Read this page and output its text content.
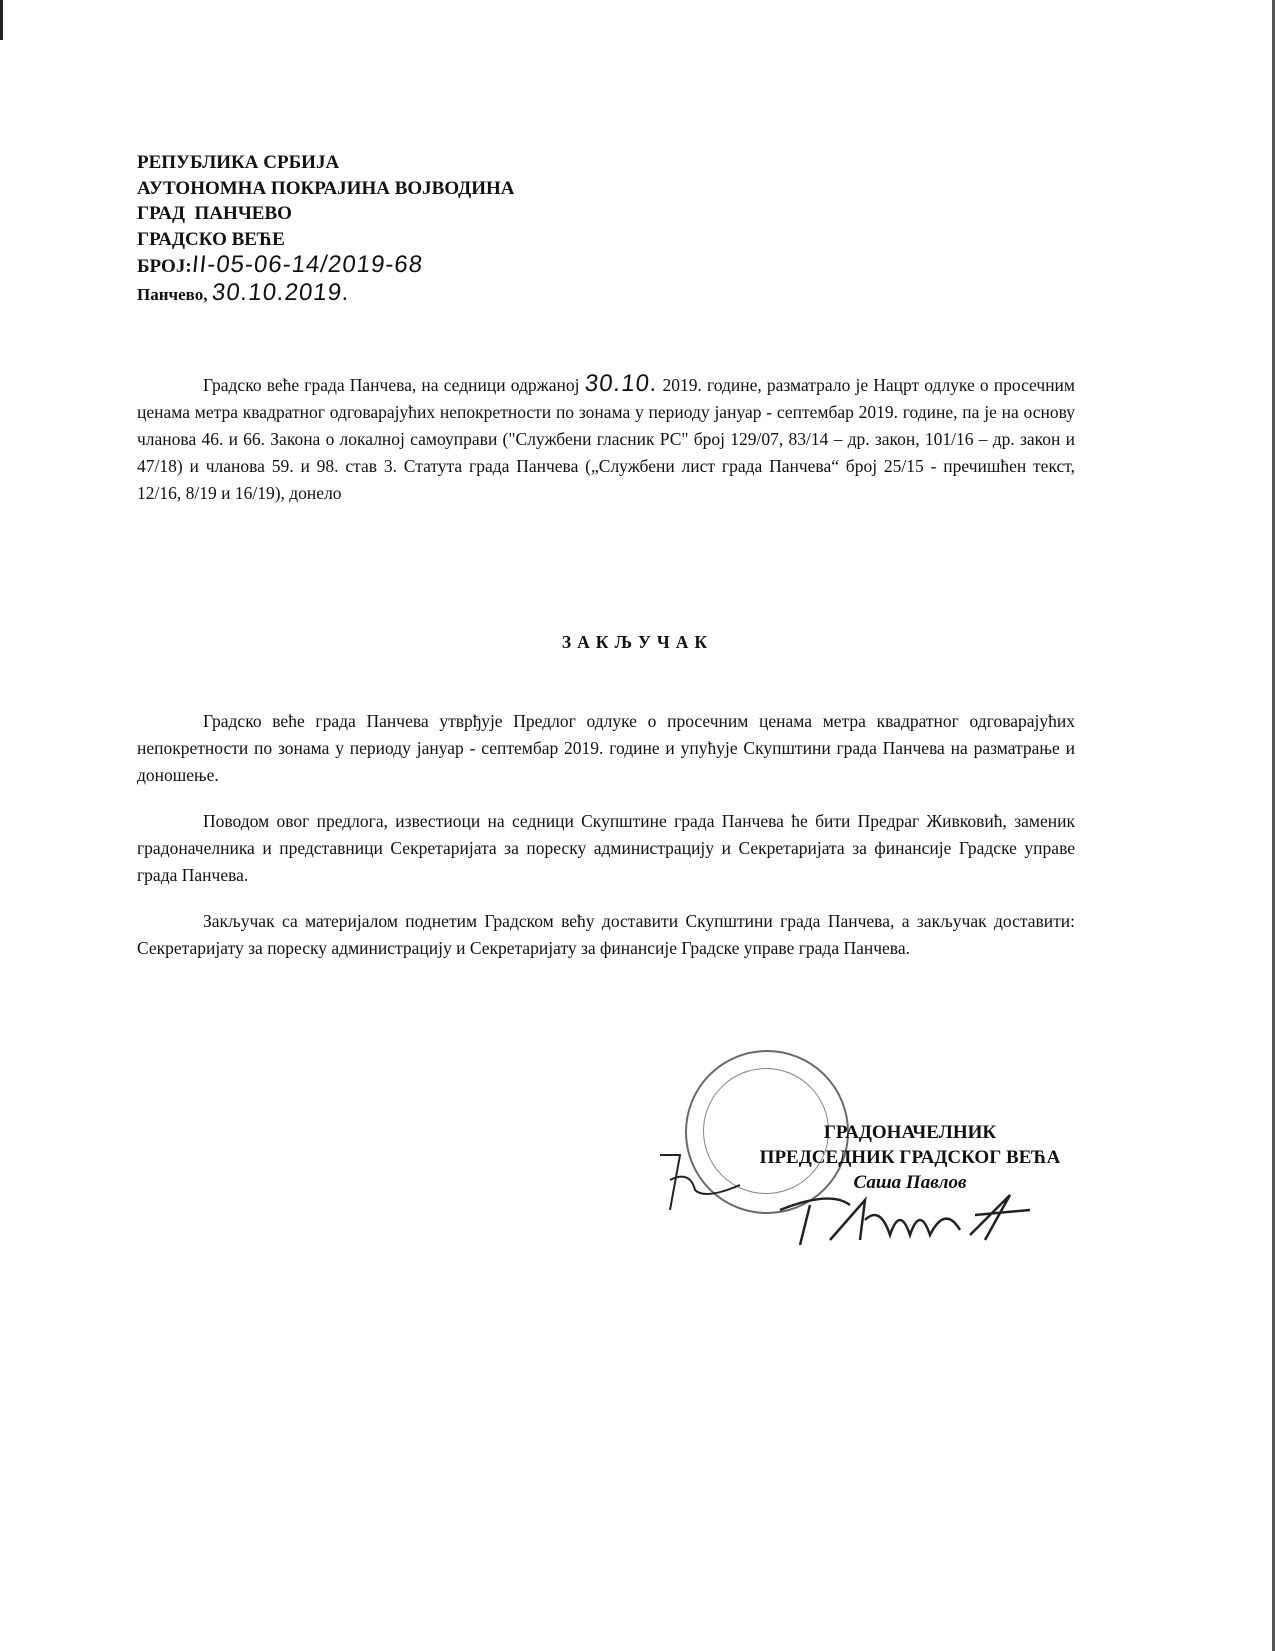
РЕПУБЛИКА СРБИЈА
АУТОНОМНА ПОКРАЈИНА ВОЈВОДИНА
ГРАД  ПАНЧЕВО
ГРАДСКО ВЕЋЕ
БРОЈ:II-05-06-14/2019-68
Панчево, 30.10.2019.
Градско веће града Панчева, на седници одржаној 30.10. 2019. године, разматрало је Нацрт одлуке о просечним ценама метра квадратног одговарајућих непокретности по зонама у периоду јануар - септембар 2019. године, па је на основу чланова 46. и 66. Закона о локалној самоуправи ("Службени гласник РС" број 129/07, 83/14 – др. закон, 101/16 – др. закон и 47/18) и чланова 59. и 98. став 3. Статута града Панчева („Службени лист града Панчева“ број 25/15 - пречишћен текст, 12/16, 8/19 и 16/19), донело
ЗАКЉУЧАК
Градско веће града Панчева утврђује Предлог одлуке о просечним ценама метра квадратног одговарајућих непокретности по зонама у периоду јануар - септембар 2019. године и упућује Скупштини града Панчева на разматрање и доношење.
Поводом овог предлога, известиоци на седници Скупштине града Панчева ће бити Предраг Живковић, заменик градоначелника и представници Секретаријата за пореску администрацију и Секретаријата за финансије Градске управе града Панчева.
Закључак са материјалом поднетим Градском већу доставити Скупштини града Панчева, а закључак доставити: Секретаријату за пореску администрацију и Секретаријату за финансије Градске управе града Панчева.
ГРАДОНАЧЕЛНИК
ПРЕДСЕДНИК ГРАДСКОГ ВЕЋА
Саша Павлов
